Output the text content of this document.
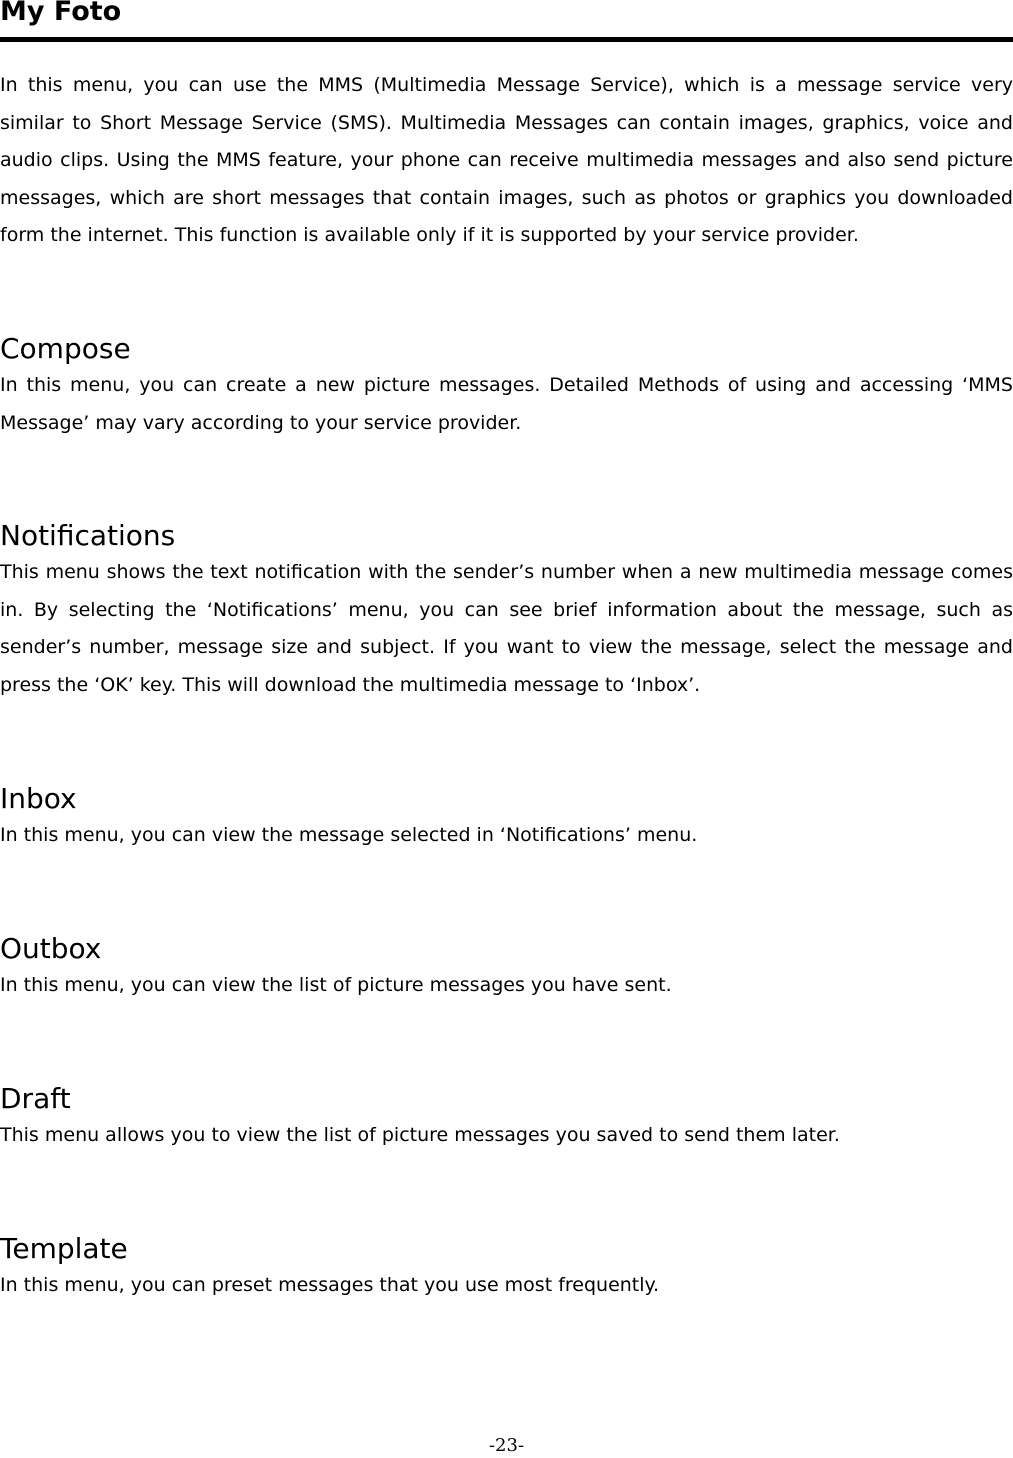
My Foto

In this menu, you can use the MMS (Multimedia Message Service), which is a message service very similar to Short Message Service (SMS). Multimedia Messages can contain images, graphics, voice and audio clips. Using the MMS feature, your phone can receive multimedia messages and also send picture messages, which are short messages that contain images, such as photos or graphics you downloaded form the internet. This function is available only if it is supported by your service provider.

Compose

In this menu, you can create a new picture messages. Detailed Methods of using and accessing ‘MMS Message’ may vary according to your service provider.

Notifications

This menu shows the text notification with the sender’s number when a new multimedia message comes in. By selecting the ‘Notifications’ menu, you can see brief information about the message, such as sender’s number, message size and subject. If you want to view the message, select the message and press the ‘OK’ key. This will download the multimedia message to ‘Inbox’.

Inbox

In this menu, you can view the message selected in ‘Notifications’ menu.

Outbox

In this menu, you can view the list of picture messages you have sent.

Draft

This menu allows you to view the list of picture messages you saved to send them later.

Template

In this menu, you can preset messages that you use most frequently.

-23-
